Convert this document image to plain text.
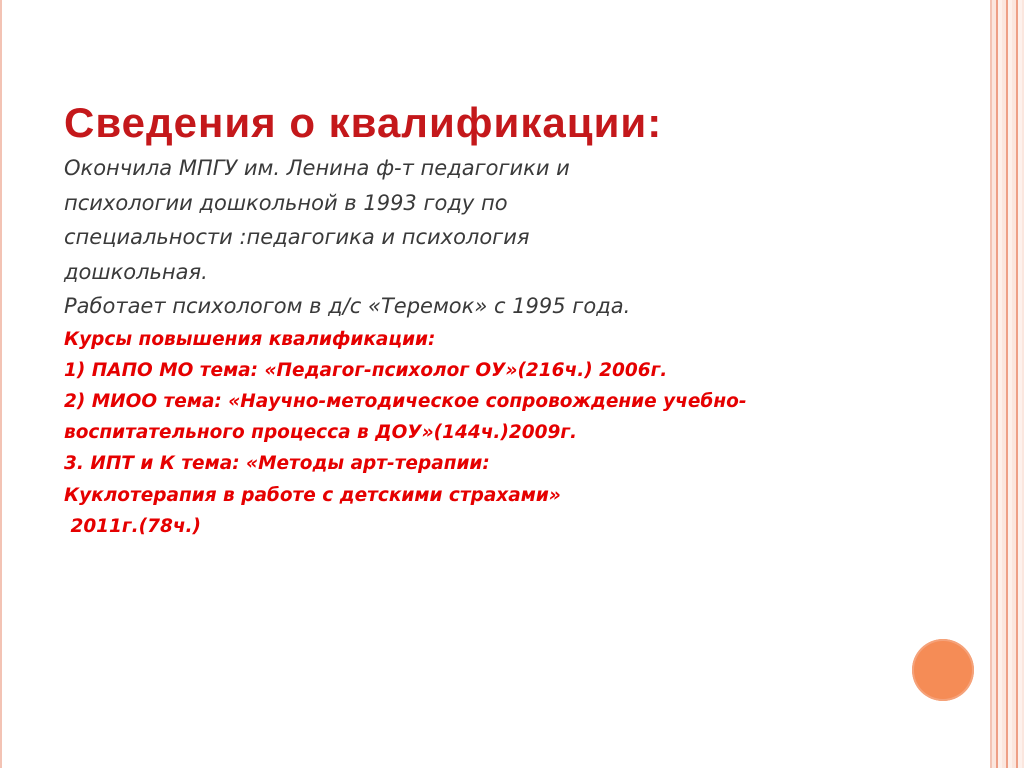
Сведения о квалификации:

Окончила МПГУ им. Ленина ф-т педагогики и

психологии дошкольной в 1993 году по

специальности :педагогика и психология

дошкольная.

Работает психологом в д/с «Теремок» с 1995 года.

Курсы повышения квалификации:

1) ПАПО МО тема: «Педагог-психолог ОУ»(216ч.) 2006г.

2) МИОО тема: «Научно-методическое сопровождение учебно-

воспитательного процесса в ДОУ»(144ч.)2009г.

3. ИПТ и К тема: «Методы арт-терапии:

Куклотерапия в работе с детскими страхами»

2011г.(78ч.)
